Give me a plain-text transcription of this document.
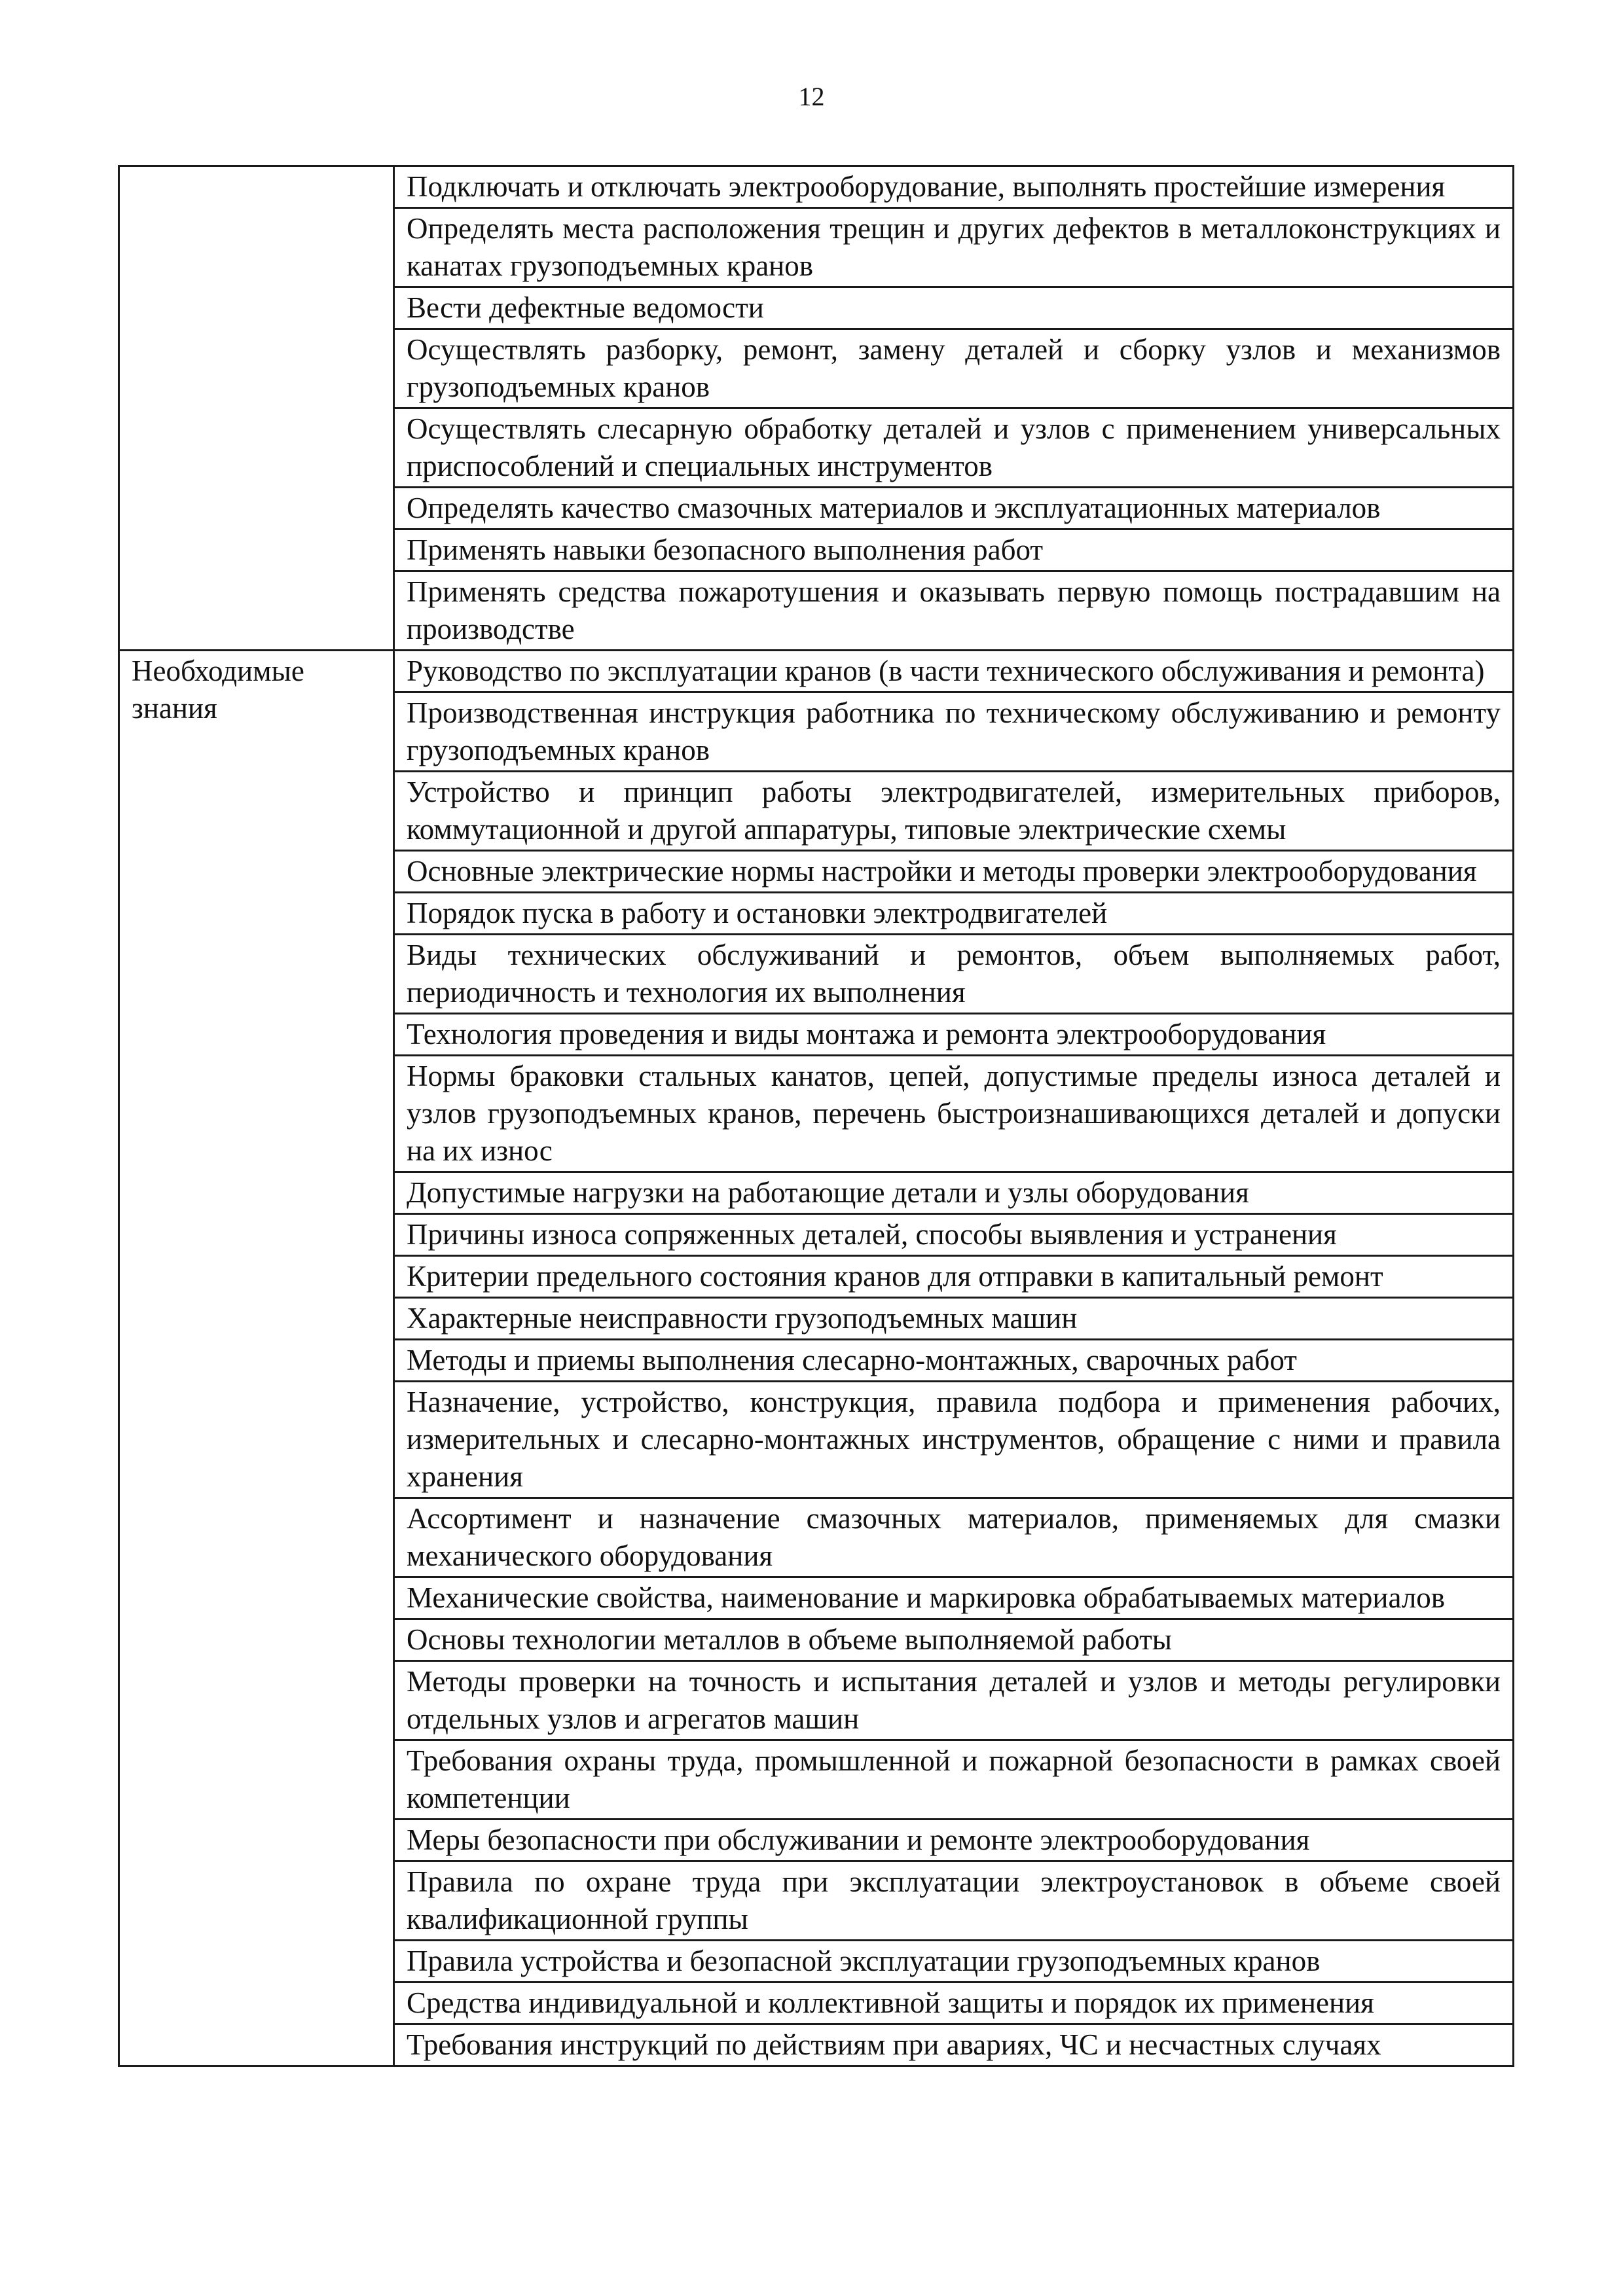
12
	Подключать и отключать электрооборудование, выполнять простейшие измерения
	Определять места расположения трещин и других дефектов в металлоконструкциях и канатах грузоподъемных кранов
	Вести дефектные ведомости
	Осуществлять разборку, ремонт, замену деталей и сборку узлов и механизмов грузоподъемных кранов
	Осуществлять слесарную обработку деталей и узлов с применением универсальных приспособлений и специальных инструментов
	Определять качество смазочных материалов и эксплуатационных материалов
	Применять навыки безопасного выполнения работ
	Применять средства пожаротушения и оказывать первую помощь пострадавшим на производстве
Необходимые знания	Руководство по эксплуатации кранов (в части технического обслуживания и ремонта)
	Производственная инструкция работника по техническому обслуживанию и ремонту грузоподъемных кранов
	Устройство и принцип работы электродвигателей, измерительных приборов, коммутационной и другой аппаратуры, типовые электрические схемы
	Основные электрические нормы настройки и методы проверки электрооборудования
	Порядок пуска в работу и остановки электродвигателей
	Виды технических обслуживаний и ремонтов, объем выполняемых работ, периодичность и технология их выполнения
	Технология проведения и виды монтажа и ремонта электрооборудования
	Нормы браковки стальных канатов, цепей, допустимые пределы износа деталей и узлов грузоподъемных кранов, перечень быстроизнашивающихся деталей и допуски на их износ
	Допустимые нагрузки на работающие детали и узлы оборудования
	Причины износа сопряженных деталей, способы выявления и устранения
	Критерии предельного состояния кранов для отправки в капитальный ремонт
	Характерные неисправности грузоподъемных машин
	Методы и приемы выполнения слесарно-монтажных, сварочных работ
	Назначение, устройство, конструкция, правила подбора и применения рабочих, измерительных и слесарно-монтажных инструментов, обращение с ними и правила хранения
	Ассортимент и назначение смазочных материалов, применяемых для смазки механического оборудования
	Механические свойства, наименование и маркировка обрабатываемых материалов
	Основы технологии металлов в объеме выполняемой работы
	Методы проверки на точность и испытания деталей и узлов и методы регулировки отдельных узлов и агрегатов машин
	Требования охраны труда, промышленной и пожарной безопасности в рамках своей компетенции
	Меры безопасности при обслуживании и ремонте электрооборудования
	Правила по охране труда при эксплуатации электроустановок в объеме своей квалификационной группы
	Правила устройства и безопасной эксплуатации грузоподъемных кранов
	Средства индивидуальной и коллективной защиты и порядок их применения
	Требования инструкций по действиям при авариях, ЧС и несчастных случаях
